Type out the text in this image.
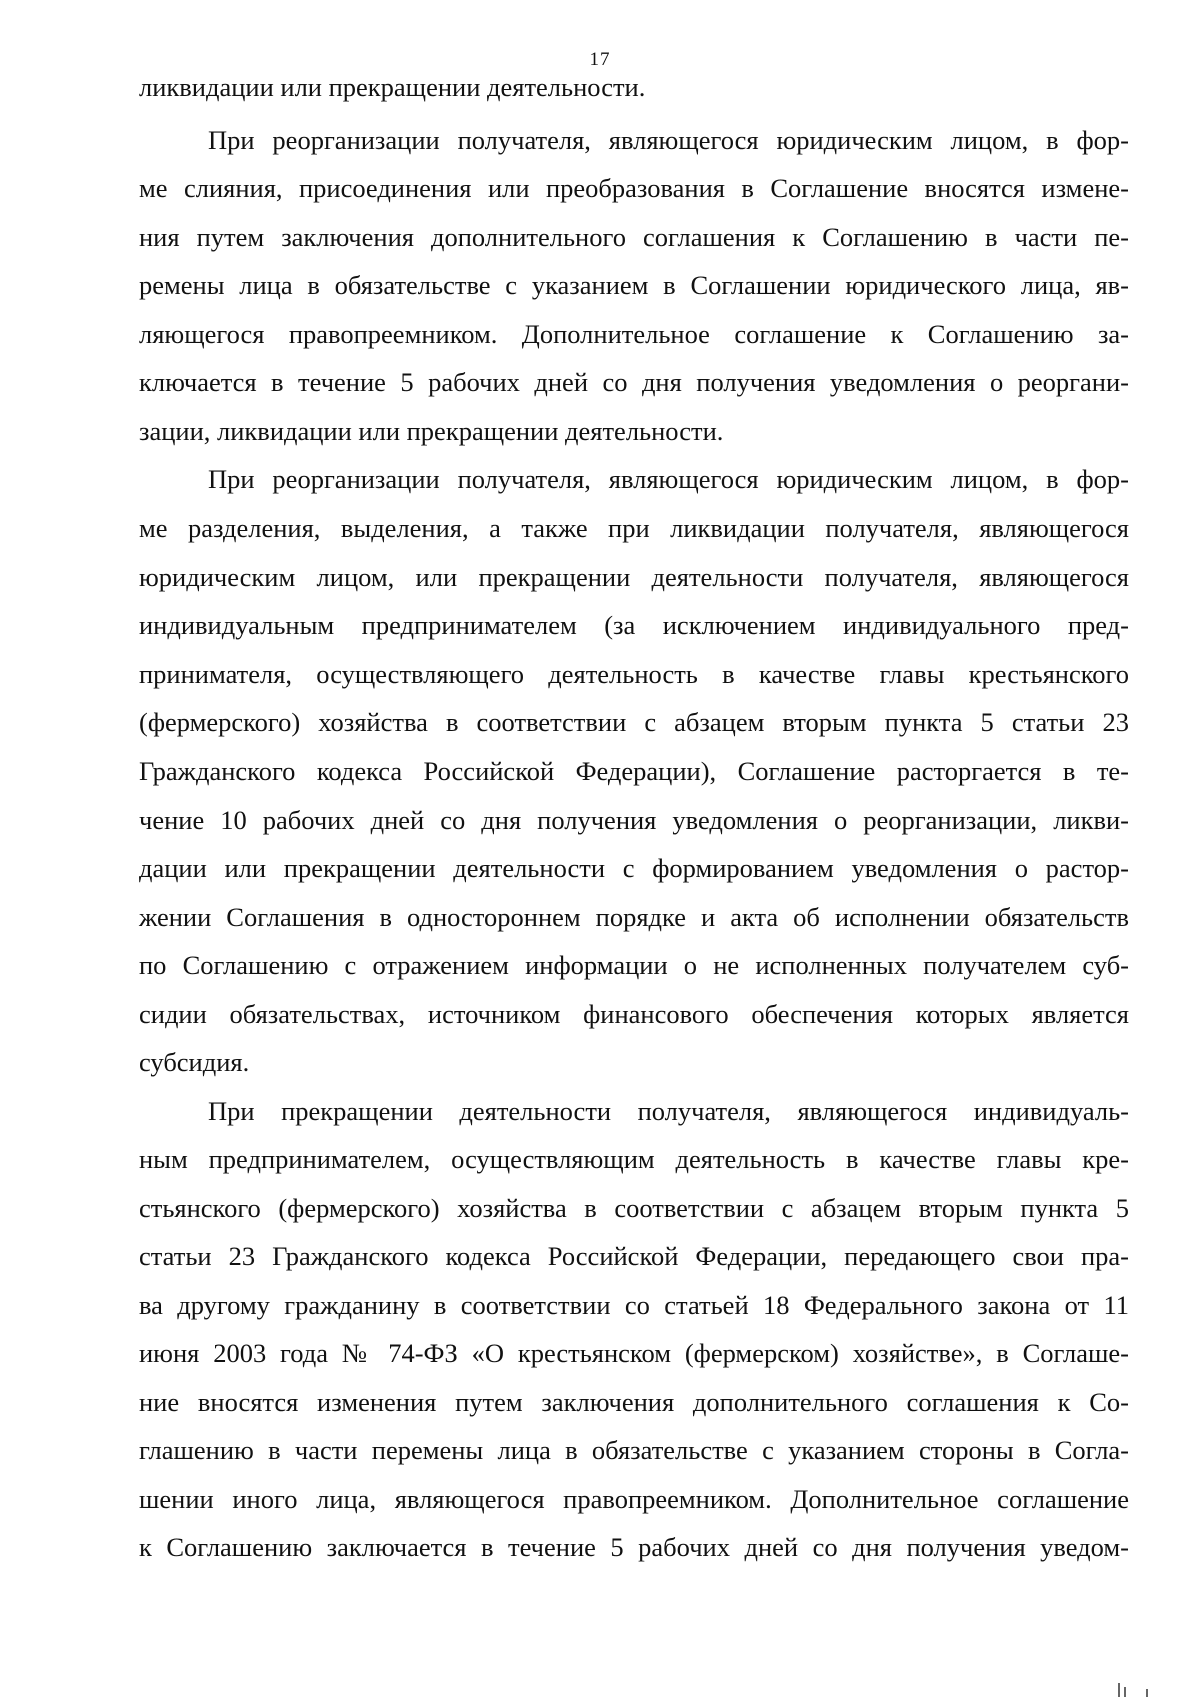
17
ликвидации или прекращении деятельности.
При реорганизации получателя, являющегося юридическим лицом, в фор-
ме слияния, присоединения или преобразования в Соглашение вносятся измене-
ния путем заключения дополнительного соглашения к Соглашению в части пе-
ремены лица в обязательстве с указанием в Соглашении юридического лица, яв-
ляющегося правопреемником. Дополнительное соглашение к Соглашению за-
ключается в течение 5 рабочих дней со дня получения уведомления о реоргани-
зации, ликвидации или прекращении деятельности.
При реорганизации получателя, являющегося юридическим лицом, в фор-
ме разделения, выделения, а также при ликвидации получателя, являющегося
юридическим лицом, или прекращении деятельности получателя, являющегося
индивидуальным предпринимателем (за исключением индивидуального пред-
принимателя, осуществляющего деятельность в качестве главы крестьянского
(фермерского) хозяйства в соответствии с абзацем вторым пункта 5 статьи 23
Гражданского кодекса Российской Федерации), Соглашение расторгается в те-
чение 10 рабочих дней со дня получения уведомления о реорганизации, ликви-
дации или прекращении деятельности с формированием уведомления о растор-
жении Соглашения в одностороннем порядке и акта об исполнении обязательств
по Соглашению с отражением информации о не исполненных получателем суб-
сидии обязательствах, источником финансового обеспечения которых является
субсидия.
При прекращении деятельности получателя, являющегося индивидуаль-
ным предпринимателем, осуществляющим деятельность в качестве главы кре-
стьянского (фермерского) хозяйства в соответствии с абзацем вторым пункта 5
статьи 23 Гражданского кодекса Российской Федерации, передающего свои пра-
ва другому гражданину в соответствии со статьей 18 Федерального закона от 11
июня 2003 года № 74-ФЗ «О крестьянском (фермерском) хозяйстве», в Соглаше-
ние вносятся изменения путем заключения дополнительного соглашения к Со-
глашению в части перемены лица в обязательстве с указанием стороны в Согла-
шении иного лица, являющегося правопреемником. Дополнительное соглашение
к Соглашению заключается в течение 5 рабочих дней со дня получения уведом-
